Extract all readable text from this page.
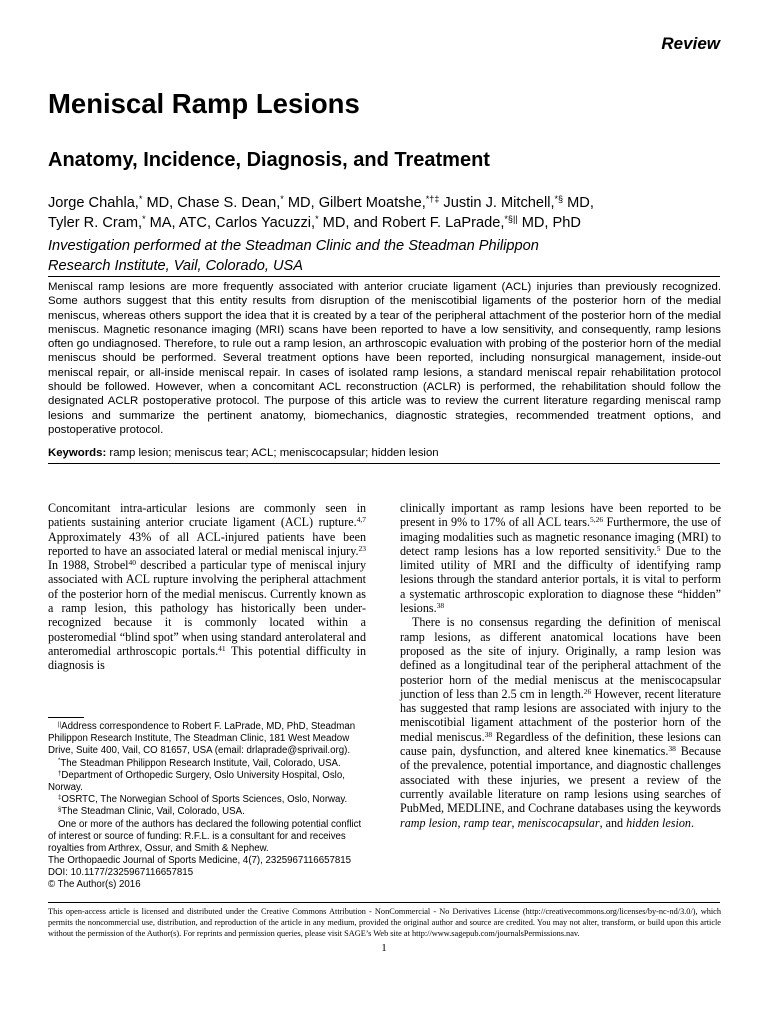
Review
Meniscal Ramp Lesions
Anatomy, Incidence, Diagnosis, and Treatment
Jorge Chahla,* MD, Chase S. Dean,* MD, Gilbert Moatshe,*†‡ Justin J. Mitchell,*§ MD,
Tyler R. Cram,* MA, ATC, Carlos Yacuzzi,* MD, and Robert F. LaPrade,*§|| MD, PhD
Investigation performed at the Steadman Clinic and the Steadman Philippon
Research Institute, Vail, Colorado, USA
Meniscal ramp lesions are more frequently associated with anterior cruciate ligament (ACL) injuries than previously recognized. Some authors suggest that this entity results from disruption of the meniscotibial ligaments of the posterior horn of the medial meniscus, whereas others support the idea that it is created by a tear of the peripheral attachment of the posterior horn of the medial meniscus. Magnetic resonance imaging (MRI) scans have been reported to have a low sensitivity, and consequently, ramp lesions often go undiagnosed. Therefore, to rule out a ramp lesion, an arthroscopic evaluation with probing of the posterior horn of the medial meniscus should be performed. Several treatment options have been reported, including nonsurgical management, inside-out meniscal repair, or all-inside meniscal repair. In cases of isolated ramp lesions, a standard meniscal repair rehabilitation protocol should be followed. However, when a concomitant ACL reconstruction (ACLR) is performed, the rehabilitation should follow the designated ACLR postoperative protocol. The purpose of this article was to review the current literature regarding meniscal ramp lesions and summarize the pertinent anatomy, biomechanics, diagnostic strategies, recommended treatment options, and postoperative protocol.
Keywords: ramp lesion; meniscus tear; ACL; meniscocapsular; hidden lesion

Concomitant intra-articular lesions are commonly seen in patients sustaining anterior cruciate ligament (ACL) rupture.$^{4,7}$ Approximately 43% of all ACL-injured patients have been reported to have an associated lateral or medial meniscal injury.$^{23}$ In 1988, Strobel$^{40}$ described a particular type of meniscal injury associated with ACL rupture involving the peripheral attachment of the posterior horn of the medial meniscus. Currently known as a ramp lesion, this pathology has historically been under-recognized because it is commonly located within a posteromedial “blind spot” when using standard anterolateral and anteromedial arthroscopic portals.$^{41}$ This potential difficulty in diagnosis is

clinically important as ramp lesions have been reported to be present in 9% to 17% of all ACL tears.$^{5,26}$ Furthermore, the use of imaging modalities such as magnetic resonance imaging (MRI) to detect ramp lesions has a low reported sensitivity.$^5$ Due to the limited utility of MRI and the difficulty of identifying ramp lesions through the standard anterior portals, it is vital to perform a systematic arthroscopic exploration to diagnose these “hidden” lesions.$^{38}$

There is no consensus regarding the definition of meniscal ramp lesions, as different anatomical locations have been proposed as the site of injury. Originally, a ramp lesion was defined as a longitudinal tear of the peripheral attachment of the posterior horn of the medial meniscus at the meniscocapsular junction of less than 2.5 cm in length.$^{26}$ However, recent literature has suggested that ramp lesions are associated with injury to the meniscotibial ligament attachment of the posterior horn of the medial meniscus.$^{38}$ Regardless of the definition, these lesions can cause pain, dysfunction, and altered knee kinematics.$^{38}$ Because of the prevalence, potential importance, and diagnostic challenges associated with these injuries, we present a review of the currently available literature on ramp lesions using searches of PubMed, MEDLINE, and Cochrane databases using the keywords ramp lesion, ramp tear, meniscocapsular, and hidden lesion.

||Address correspondence to Robert F. LaPrade, MD, PhD, Steadman Philippon Research Institute, The Steadman Clinic, 181 West Meadow Drive, Suite 400, Vail, CO 81657, USA (email: drlaprade@sprivail.org).

*The Steadman Philippon Research Institute, Vail, Colorado, USA.

†Department of Orthopedic Surgery, Oslo University Hospital, Oslo, Norway.

‡OSRTC, The Norwegian School of Sports Sciences, Oslo, Norway.

§The Steadman Clinic, Vail, Colorado, USA.

One or more of the authors has declared the following potential conflict of interest or source of funding: R.F.L. is a consultant for and receives royalties from Arthrex, Ossur, and Smith & Nephew.

The Orthopaedic Journal of Sports Medicine, 4(7), 2325967116657815
DOI: 10.1177/2325967116657815
© The Author(s) 2016
This open-access article is licensed and distributed under the Creative Commons Attribution - NonCommercial - No Derivatives License (http://creativecommons.org/licenses/by-nc-nd/3.0/), which permits the noncommercial use, distribution, and reproduction of the article in any medium, provided the original author and source are credited. You may not alter, transform, or build upon this article without the permission of the Author(s). For reprints and permission queries, please visit SAGE’s Web site at http://www.sagepub.com/journalsPermissions.nav.
1
